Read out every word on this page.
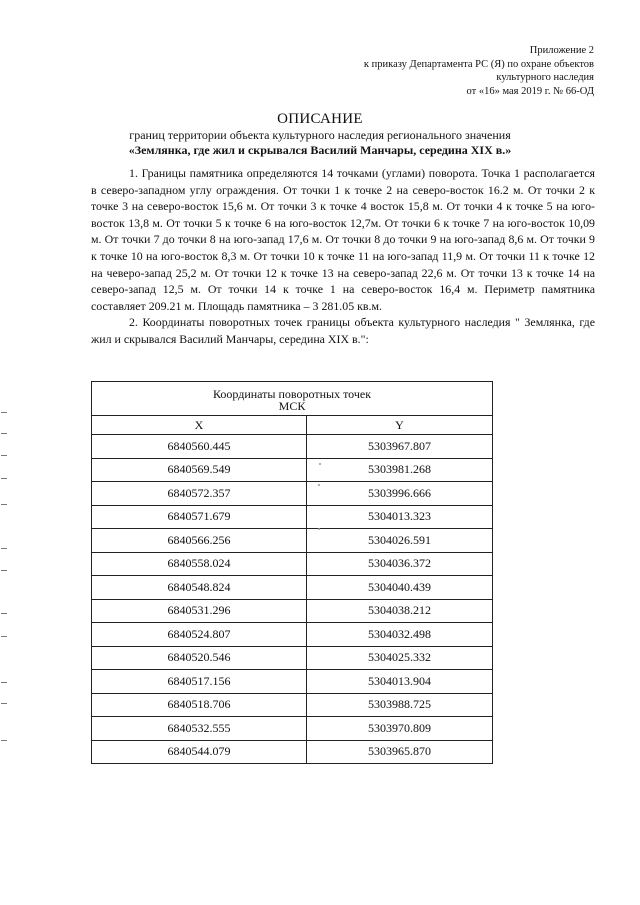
Приложение 2
к приказу Департамента РС (Я) по охране объектов
культурного наследия
от «16» мая 2019 г. № 66-ОД
ОПИСАНИЕ
границ территории объекта культурного наследия регионального значения
«Землянка, где жил и скрывался Василий Манчары, середина XIX в.»

1. Границы памятника определяются 14 точками (углами) поворота. Точка 1 располагается в северо-западном углу ограждения. От точки 1 к точке 2 на северо-восток 16.2 м. От точки 2 к точке 3 на северо-восток 15,6 м. От точки 3 к точке 4 восток 15,8 м. От точки 4 к точке 5 на юго-восток 13,8 м. От точки 5 к точке 6 на юго-восток 12,7м. От точки 6 к точке 7 на юго-восток 10,09 м. От точки 7 до точки 8 на юго-запад 17,6 м. От точки 8 до точки 9 на юго-запад 8,6 м. От точки 9 к точке 10 на юго-восток 8,3 м. От точки 10 к точке 11 на юго-запад 11,9 м. От точки 11 к точке 12 на чеверо-запад 25,2 м. От точки 12 к точке 13 на северо-запад 22,6 м. От точки 13 к точке 14 на северо-запад 12,5 м. От точки 14 к точке 1 на северо-восток 16,4 м. Периметр памятника составляет 209.21 м. Площадь памятника – 3 281.05 кв.м.

2. Координаты поворотных точек границы объекта культурного наследия " Землянка, где жил и скрывался Василий Манчары, середина XIX в.":

Координаты поворотных точек
МСК	

X	Y
6840560.445	5303967.807
6840569.549	5303981.268
6840572.357	5303996.666
6840571.679	5304013.323
6840566.256	5304026.591
6840558.024	5304036.372
6840548.824	5304040.439
6840531.296	5304038.212
6840524.807	5304032.498
6840520.546	5304025.332
6840517.156	5304013.904
6840518.706	5303988.725
6840532.555	5303970.809
6840544.079	5303965.870
